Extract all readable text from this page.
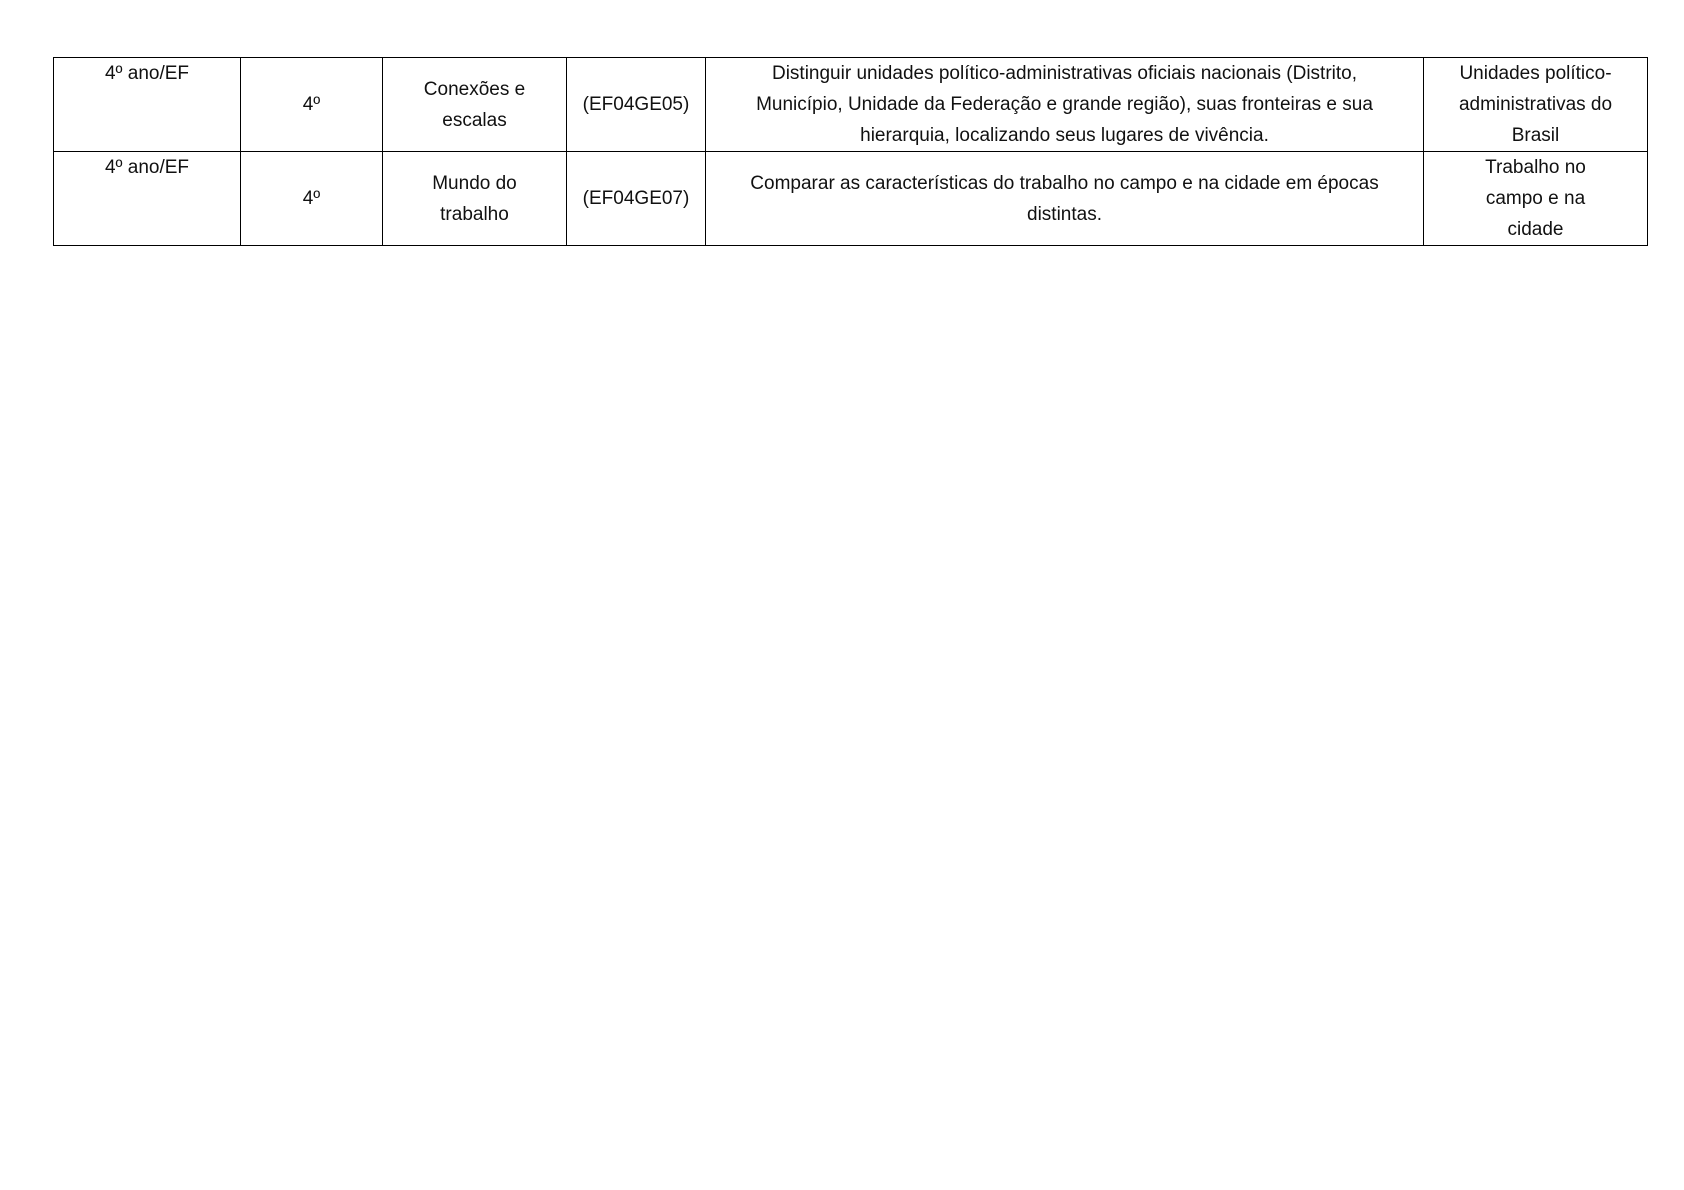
4º ano/EF	4º	Conexões e escalas	(EF04GE05)	Distinguir unidades político-administrativas oficiais nacionais (Distrito, Município, Unidade da Federação e grande região), suas fronteiras e sua hierarquia, localizando seus lugares de vivência.	Unidades político-administrativas do Brasil
4º ano/EF	4º	Mundo do trabalho	(EF04GE07)	Comparar as características do trabalho no campo e na cidade em épocas distintas.	Trabalho no campo e na cidade
